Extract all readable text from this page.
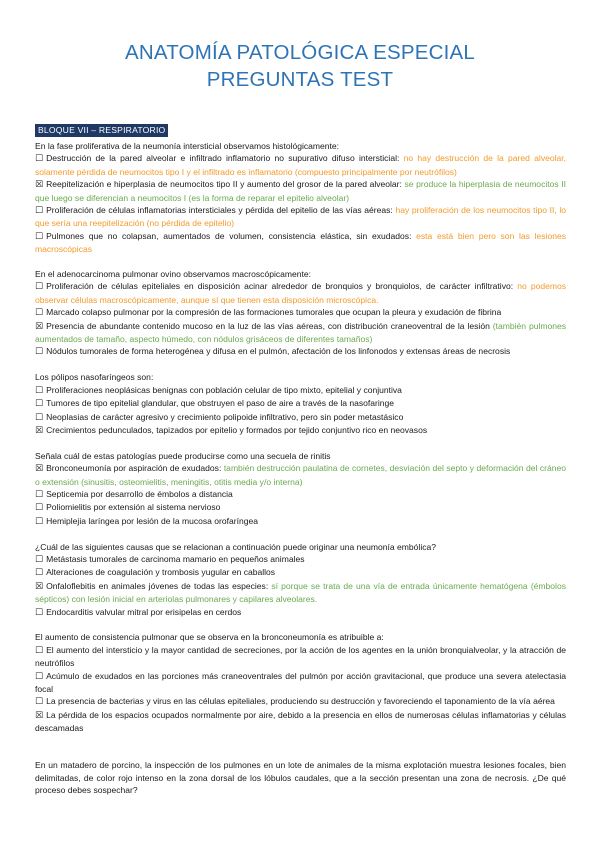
ANATOMÍA PATOLÓGICA ESPECIAL
PREGUNTAS TEST
BLOQUE VII – RESPIRATORIO
En la fase proliferativa de la neumonía intersticial observamos histológicamente:
☐ Destrucción de la pared alveolar e infiltrado inflamatorio no supurativo difuso intersticial: no hay destrucción de la pared alveolar, solamente pérdida de neumocitos tipo I y el infiltrado es inflamatorio (compuesto principalmente por neutrófilos)
☒ Reepitelización e hiperplasia de neumocitos tipo II y aumento del grosor de la pared alveolar: se produce la hiperplasia de neumocitos II que luego se diferencian a neumocitos I (es la forma de reparar el epitelio alveolar)
☐ Proliferación de células inflamatorias intersticiales y pérdida del epitelio de las vías aéreas: hay proliferación de los neumocitos tipo II, lo que sería una reepitelización (no pérdida de epitelio)
☐ Pulmones que no colapsan, aumentados de volumen, consistencia elástica, sin exudados: esta está bien pero son las lesiones macroscópicas
En el adenocarcinoma pulmonar ovino observamos macroscópicamente:
☐ Proliferación de células epiteliales en disposición acinar alrededor de bronquios y bronquiolos, de carácter infiltrativo: no podemos observar células macroscópicamente, aunque sí que tienen esta disposición microscópica.
☐ Marcado colapso pulmonar por la compresión de las formaciones tumorales que ocupan la pleura y exudación de fibrina
☒ Presencia de abundante contenido mucoso en la luz de las vías aéreas, con distribución craneoventral de la lesión (también pulmones aumentados de tamaño, aspecto húmedo, con nódulos grisáceos de diferentes tamaños)
☐ Nódulos tumorales de forma heterogénea y difusa en el pulmón, afectación de los linfonodos y extensas áreas de necrosis
Los pólipos nasofaríngeos son:
☐ Proliferaciones neoplásicas benignas con población celular de tipo mixto, epitelial y conjuntiva
☐ Tumores de tipo epitelial glandular, que obstruyen el paso de aire a través de la nasofaringe
☐ Neoplasias de carácter agresivo y crecimiento polipoide infiltrativo, pero sin poder metastásico
☒ Crecimientos pedunculados, tapizados por epitelio y formados por tejido conjuntivo rico en neovasos
Señala cuál de estas patologías puede producirse como una secuela de rinitis
☒ Bronconeumonía por aspiración de exudados: también destrucción paulatina de cornetes, desviación del septo y deformación del cráneo o extensión (sinusitis, osteomielitis, meningitis, otitis media y/o interna)
☐ Septicemia por desarrollo de émbolos a distancia
☐ Poliomielitis por extensión al sistema nervioso
☐ Hemiplejia laríngea por lesión de la mucosa orofaríngea
¿Cuál de las siguientes causas que se relacionan a continuación puede originar una neumonía embólica?
☐ Metástasis tumorales de carcinoma mamario en pequeños animales
☐ Alteraciones de coagulación y trombosis yugular en caballos
☒ Onfaloflebitis en animales jóvenes de todas las especies: sí porque se trata de una vía de entrada únicamente hematógena (émbolos sépticos) con lesión inicial en arteriolas pulmonares y capilares alveolares.
☐ Endocarditis valvular mitral por erisipelas en cerdos
El aumento de consistencia pulmonar que se observa en la bronconeumonía es atribuible a:
☐ El aumento del intersticio y la mayor cantidad de secreciones, por la acción de los agentes en la unión bronquialveolar, y la atracción de neutrófilos
☐ Acúmulo de exudados en las porciones más craneoventrales del pulmón por acción gravitacional, que produce una severa atelectasia focal
☐ La presencia de bacterias y virus en las células epiteliales, produciendo su destrucción y favoreciendo el taponamiento de la vía aérea
☒ La pérdida de los espacios ocupados normalmente por aire, debido a la presencia en ellos de numerosas células inflamatorias y células descamadas
En un matadero de porcino, la inspección de los pulmones en un lote de animales de la misma explotación muestra lesiones focales, bien delimitadas, de color rojo intenso en la zona dorsal de los lóbulos caudales, que a la sección presentan una zona de necrosis. ¿De qué proceso debes sospechar?
